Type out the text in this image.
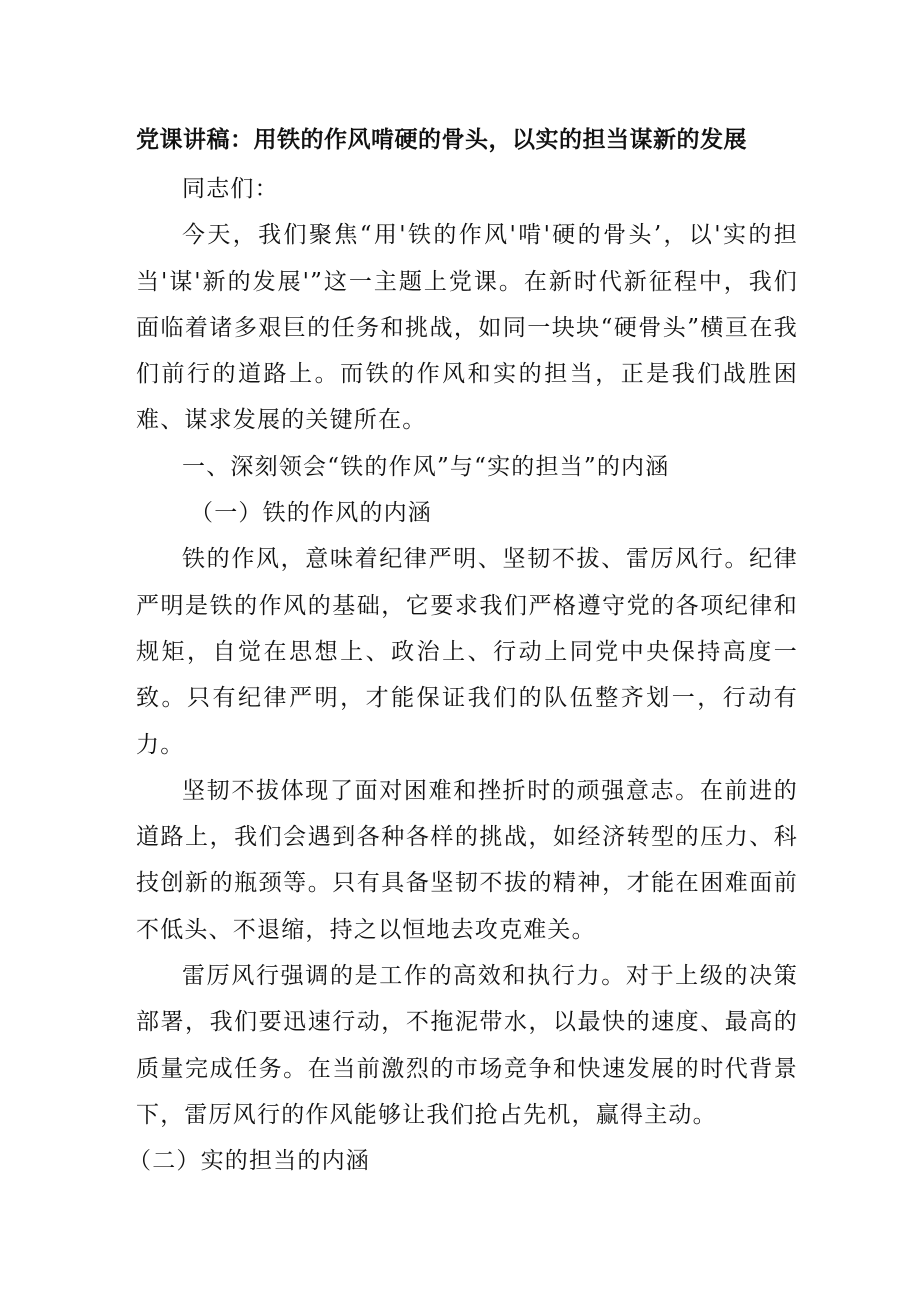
党课讲稿：用铁的作风啃硬的骨头，以实的担当谋新的发展

同志们：

今天，我们聚焦“用'铁的作风'啃'硬的骨头’，以'实的担当'谋'新的发展'”这一主题上党课。在新时代新征程中，我们面临着诸多艰巨的任务和挑战，如同一块块“硬骨头”横亘在我们前行的道路上。而铁的作风和实的担当，正是我们战胜困难、谋求发展的关键所在。

一、深刻领会“铁的作风”与“实的担当”的内涵

（一）铁的作风的内涵

铁的作风，意味着纪律严明、坚韧不拔、雷厉风行。纪律严明是铁的作风的基础，它要求我们严格遵守党的各项纪律和规矩，自觉在思想上、政治上、行动上同党中央保持高度一致。只有纪律严明，才能保证我们的队伍整齐划一，行动有力。

坚韧不拔体现了面对困难和挫折时的顽强意志。在前进的道路上，我们会遇到各种各样的挑战，如经济转型的压力、科技创新的瓶颈等。只有具备坚韧不拔的精神，才能在困难面前不低头、不退缩，持之以恒地去攻克难关。

雷厉风行强调的是工作的高效和执行力。对于上级的决策部署，我们要迅速行动，不拖泥带水，以最快的速度、最高的质量完成任务。在当前激烈的市场竞争和快速发展的时代背景下，雷厉风行的作风能够让我们抢占先机，赢得主动。

（二）实的担当的内涵
